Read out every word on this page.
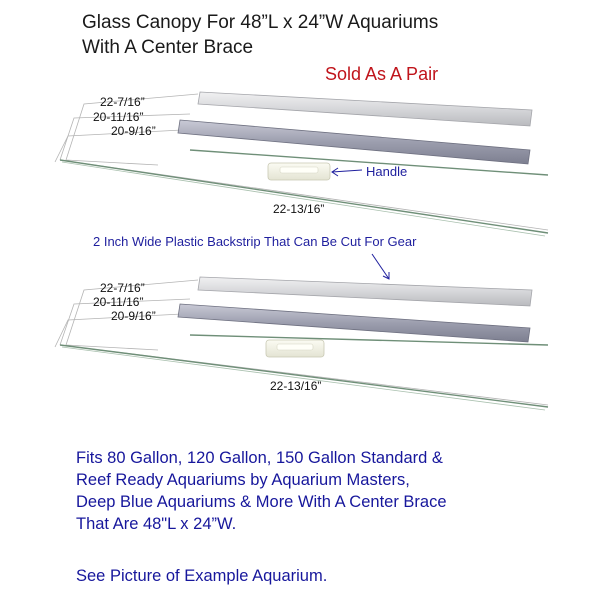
Glass Canopy For 48”L x 24”W Aquariums
With A Center Brace
Sold As A Pair
22-7/16”
20-11/16”
20-9/16”
22-13/16”
Handle
2 Inch Wide Plastic Backstrip That Can Be Cut For Gear
22-7/16”
20-11/16”
20-9/16”
22-13/16”
Fits 80 Gallon, 120 Gallon, 150 Gallon Standard &
Reef Ready Aquariums by Aquarium Masters,
Deep Blue Aquariums & More With A Center Brace
That Are 48"L x 24”W.
See Picture of Example Aquarium.
